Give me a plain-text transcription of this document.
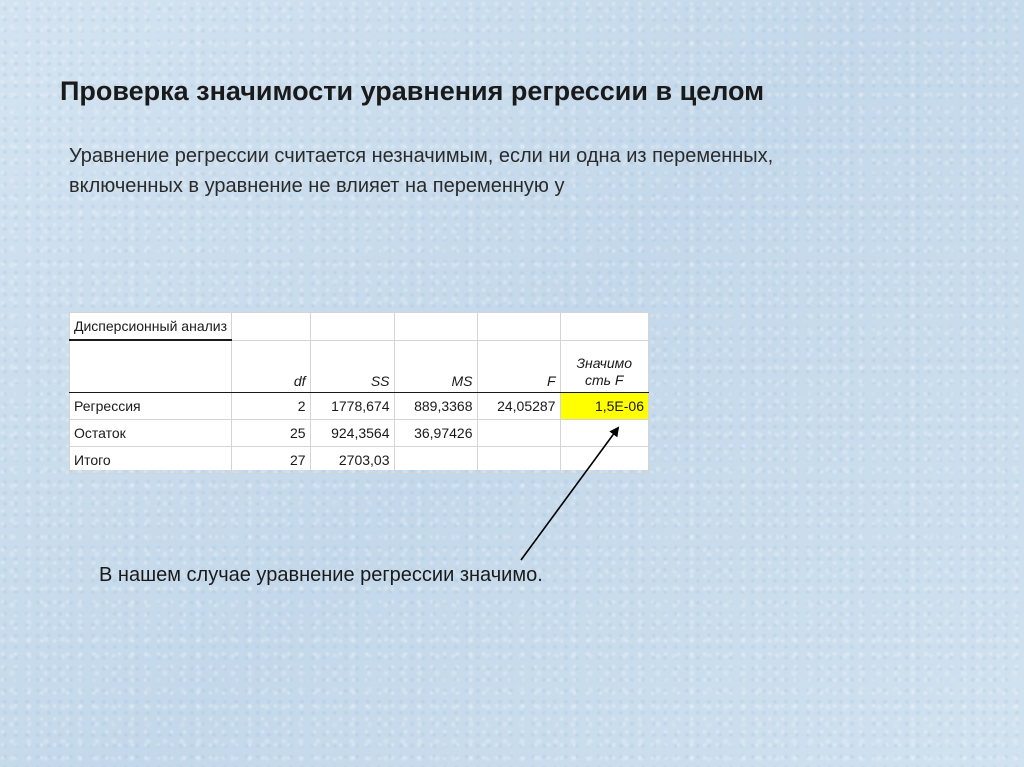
Проверка значимости уравнения регрессии в целом
Уравнение регрессии считается незначимым, если ни одна из переменных,
включенных в уравнение не влияет на переменную y
Дисперсионный анализ					
	df	SS	MS	F	Значимо сть F
Регрессия	2	1778,674	889,3368	24,05287	1,5E-06
Остаток	25	924,3564	36,97426		
Итого	27	2703,03			
В нашем случае уравнение регрессии значимо.
